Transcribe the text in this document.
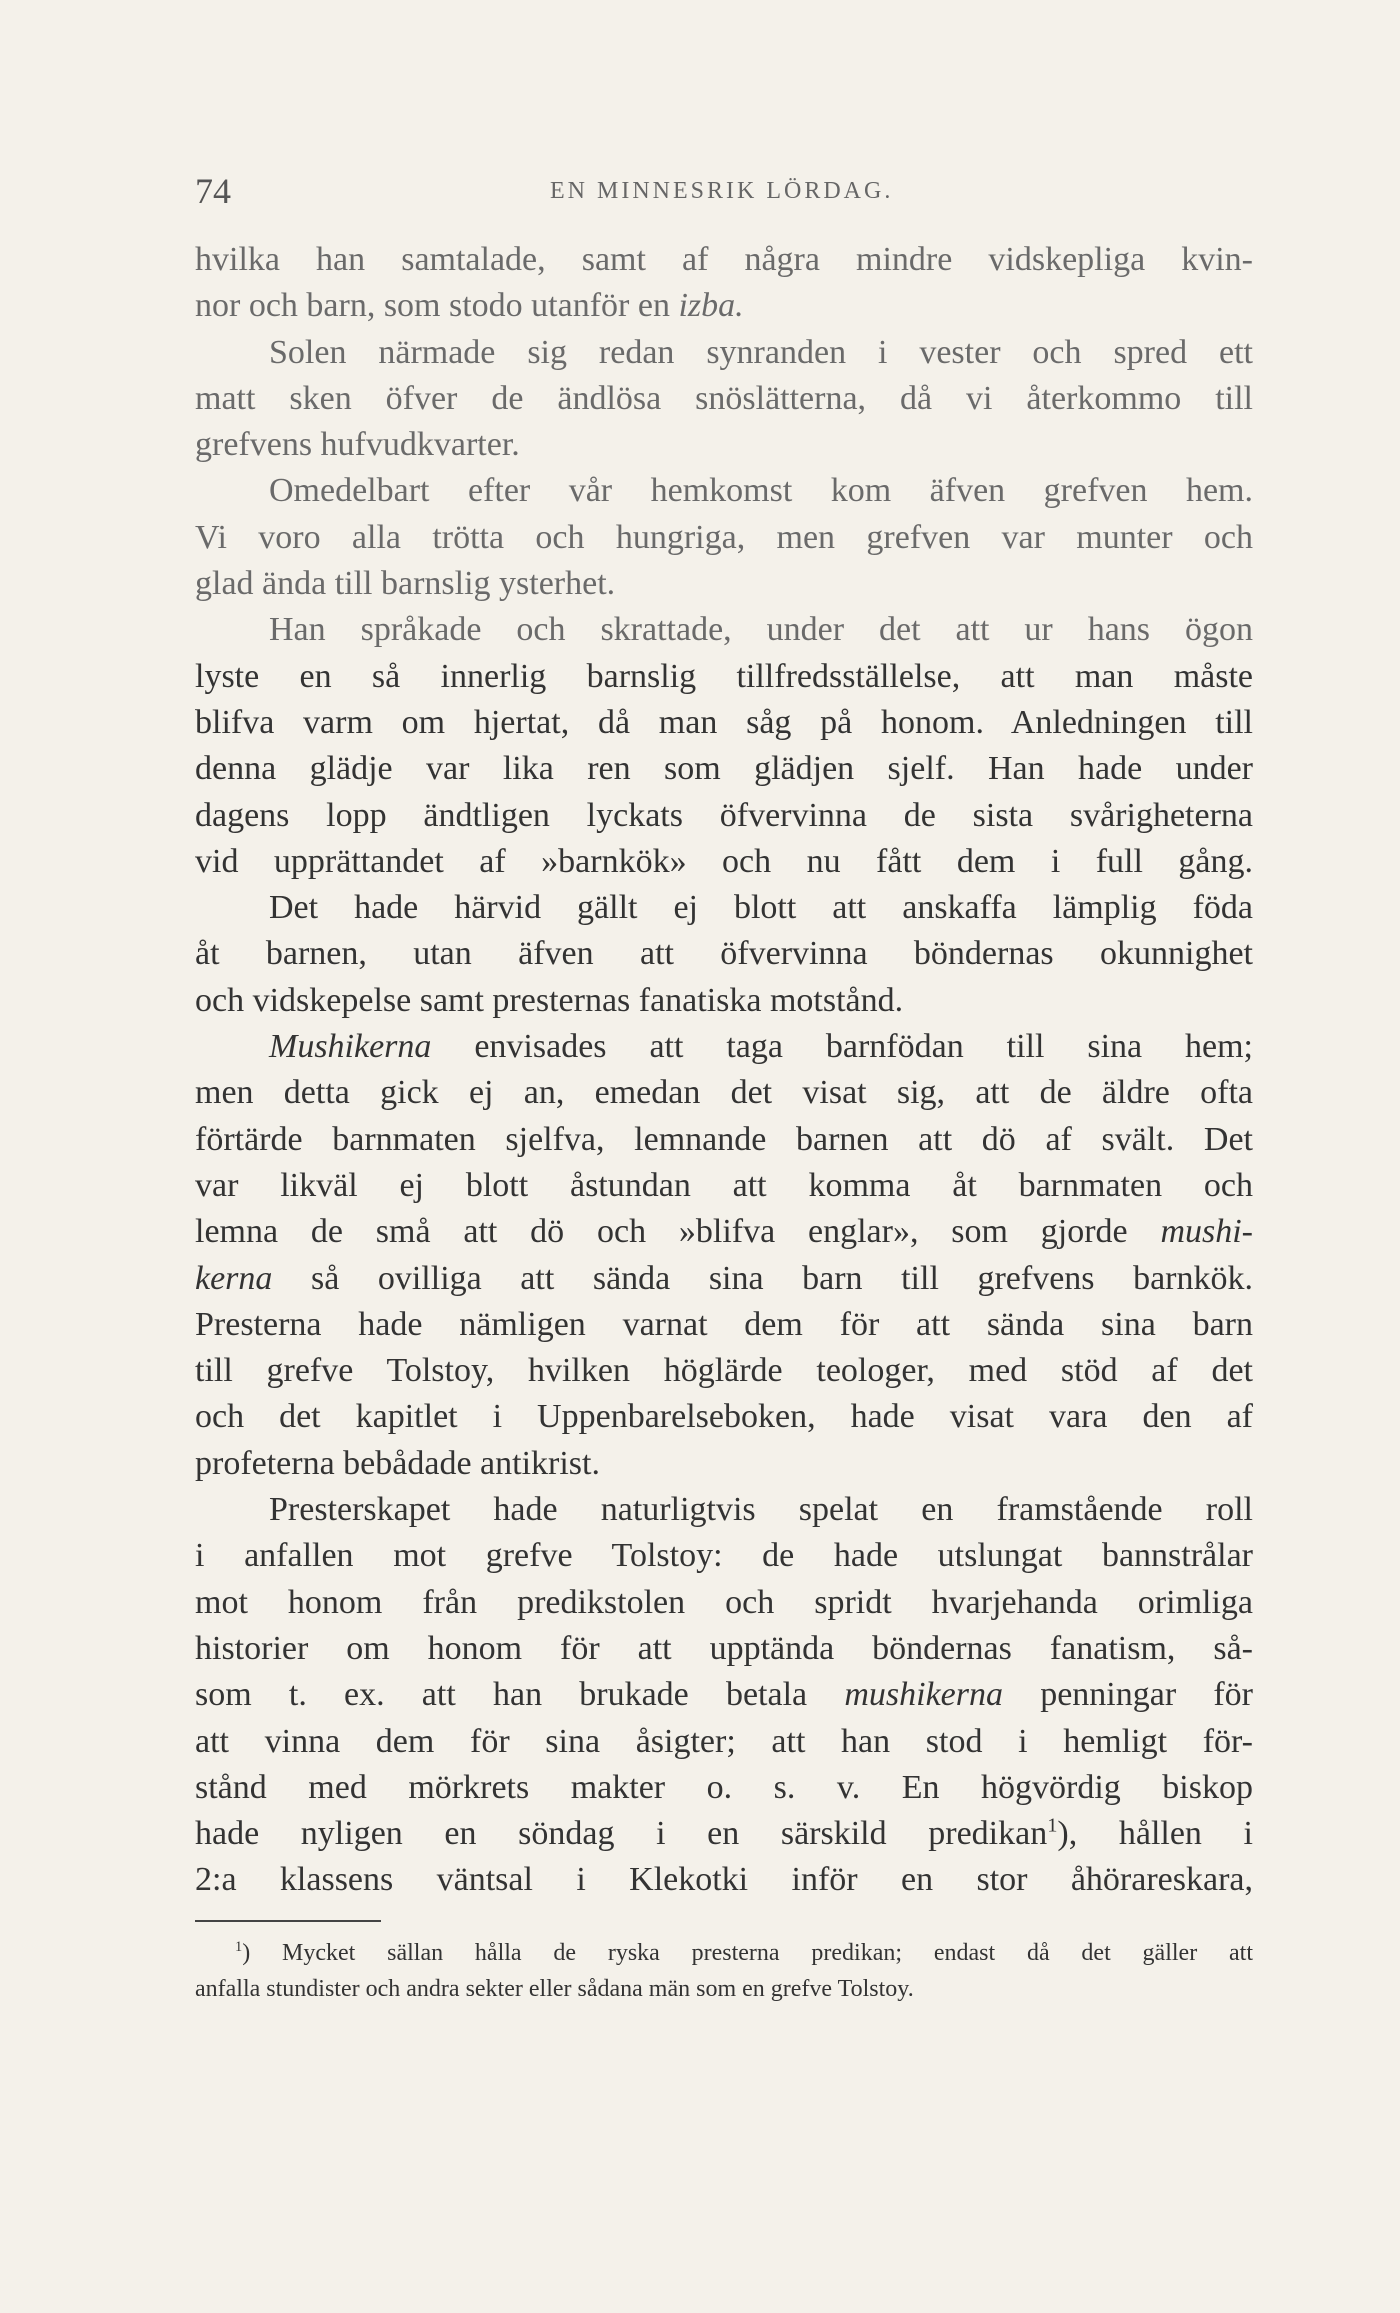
74	EN MINNESRIK LÖRDAG.
hvilka han samtalade, samt af några mindre vidskepliga kvin-
nor och barn, som stodo utanför en izba.
Solen närmade sig redan synranden i vester och spred ett
matt sken öfver de ändlösa snöslätterna, då vi återkommo till
grefvens hufvudkvarter.
Omedelbart efter vår hemkomst kom äfven grefven hem.
Vi voro alla trötta och hungriga, men grefven var munter och
glad ända till barnslig ysterhet.
Han språkade och skrattade, under det att ur hans ögon
lyste en så innerlig barnslig tillfredsställelse, att man måste
blifva varm om hjertat, då man såg på honom. Anledningen till
denna glädje var lika ren som glädjen sjelf. Han hade under
dagens lopp ändtligen lyckats öfvervinna de sista svårigheterna
vid upprättandet af »barnkök» och nu fått dem i full gång.
Det hade härvid gällt ej blott att anskaffa lämplig föda
åt barnen, utan äfven att öfvervinna böndernas okunnighet
och vidskepelse samt presternas fanatiska motstånd.
Mushikerna envisades att taga barnfödan till sina hem;
men detta gick ej an, emedan det visat sig, att de äldre ofta
förtärde barnmaten sjelfva, lemnande barnen att dö af svält. Det
var likväl ej blott åstundan att komma åt barnmaten och
lemna de små att dö och »blifva englar», som gjorde mushi-
kerna så ovilliga att sända sina barn till grefvens barnkök.
Presterna hade nämligen varnat dem för att sända sina barn
till grefve Tolstoy, hvilken höglärde teologer, med stöd af det
och det kapitlet i Uppenbarelseboken, hade visat vara den af
profeterna bebådade antikrist.
Presterskapet hade naturligtvis spelat en framstående roll
i anfallen mot grefve Tolstoy: de hade utslungat bannstrålar
mot honom från predikstolen och spridt hvarjehanda orimliga
historier om honom för att upptända böndernas fanatism, så-
som t. ex. att han brukade betala mushikerna penningar för
att vinna dem för sina åsigter; att han stod i hemligt för-
stånd med mörkrets makter o. s. v. En högvördig biskop
hade nyligen en söndag i en särskild predikan$^1$), hållen i
2:a klassens väntsal i Klekotki inför en stor åhörareskara,
$^1$) Mycket sällan hålla de ryska presterna predikan; endast då det gäller att
anfalla stundister och andra sekter eller sådana män som en grefve Tolstoy.
